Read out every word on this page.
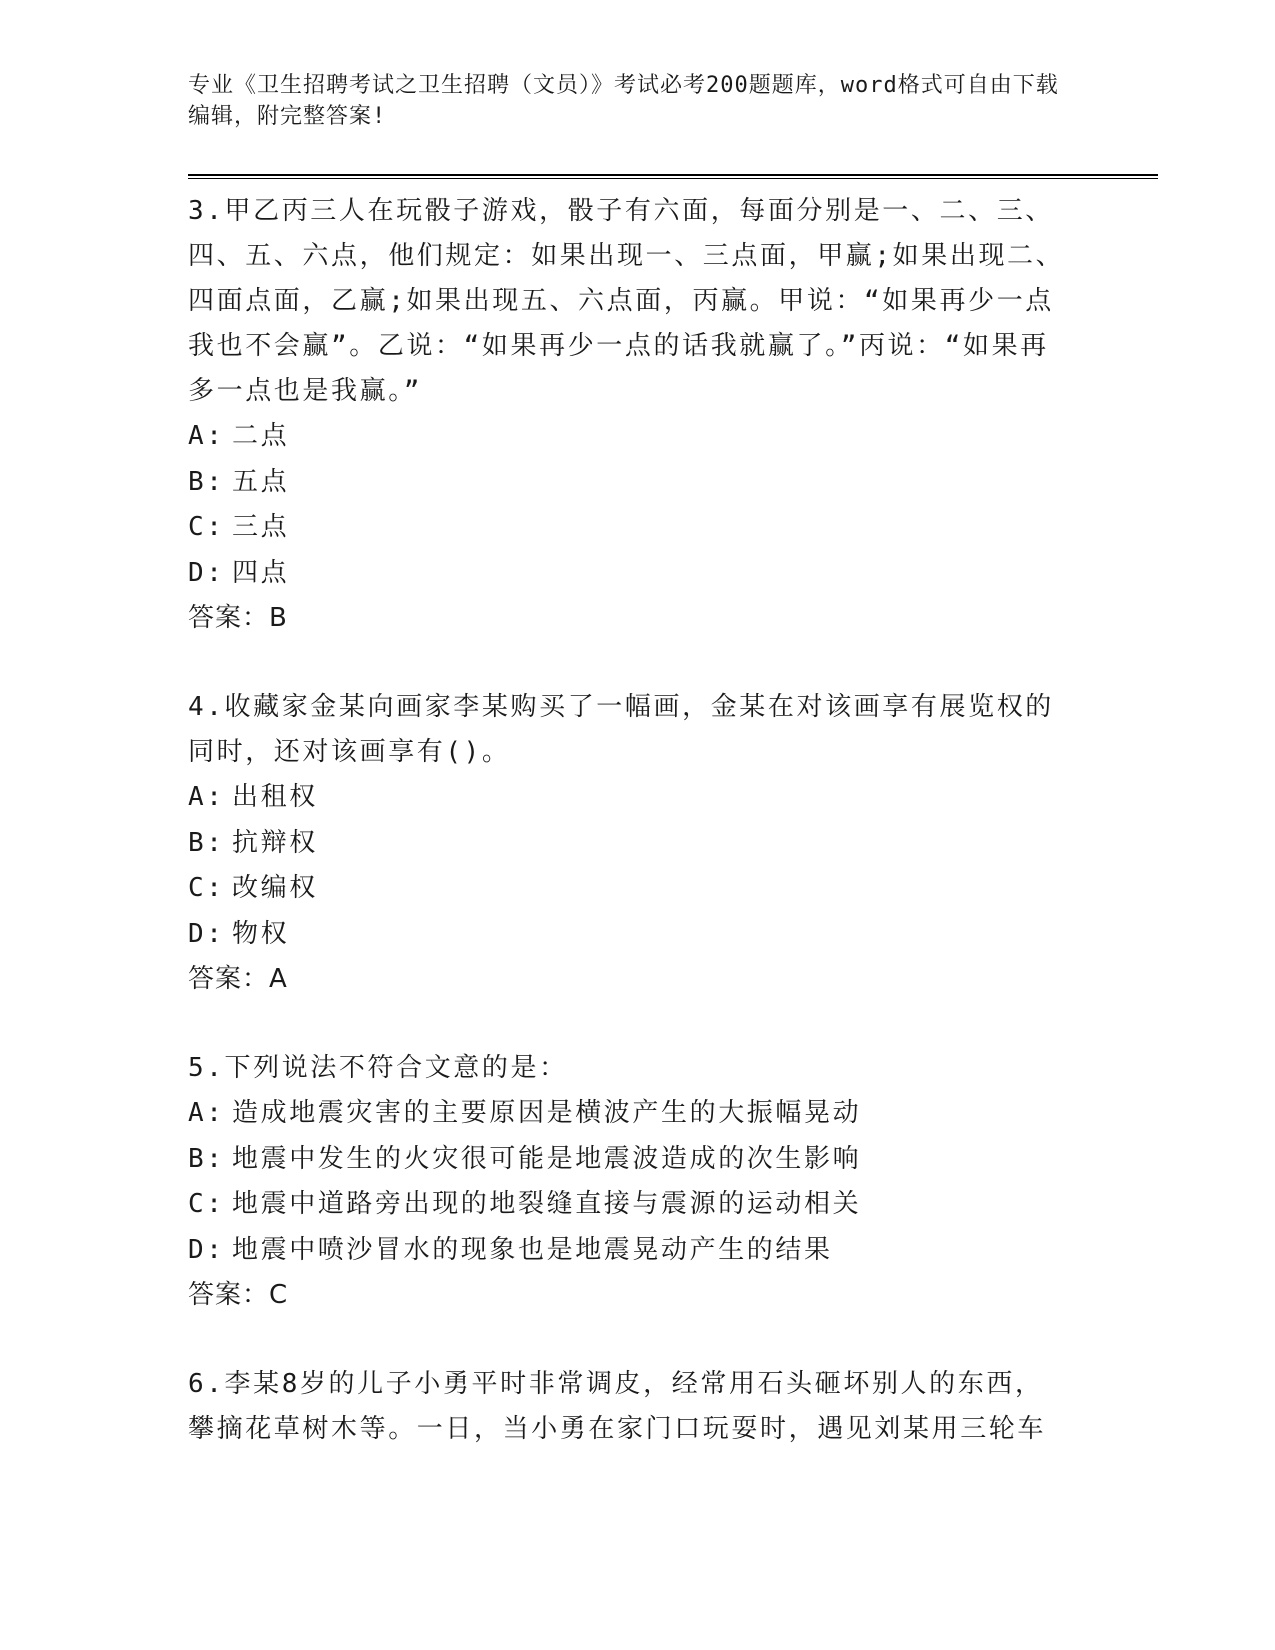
专业《卫生招聘考试之卫生招聘（文员）》考试必考200题题库，word格式可自由下载编辑，附完整答案!

3.甲乙丙三人在玩骰子游戏，骰子有六面，每面分别是一、二、三、四、五、六点，他们规定：如果出现一、三点面，甲赢;如果出现二、四面点面，乙赢;如果出现五、六点面，丙赢。甲说：“如果再少一点我也不会赢”。乙说：“如果再少一点的话我就赢了。”丙说：“如果再多一点也是我赢。”

A: 二点

B: 五点

C: 三点

D: 四点

答案：B

4.收藏家金某向画家李某购买了一幅画，金某在对该画享有展览权的同时，还对该画享有()。

A: 出租权

B: 抗辩权

C: 改编权

D: 物权

答案：A

5.下列说法不符合文意的是：

A: 造成地震灾害的主要原因是横波产生的大振幅晃动

B: 地震中发生的火灾很可能是地震波造成的次生影响

C: 地震中道路旁出现的地裂缝直接与震源的运动相关

D: 地震中喷沙冒水的现象也是地震晃动产生的结果

答案：C

6.李某8岁的儿子小勇平时非常调皮，经常用石头砸坏别人的东西，攀摘花草树木等。一日，当小勇在家门口玩耍时，遇见刘某用三轮车
